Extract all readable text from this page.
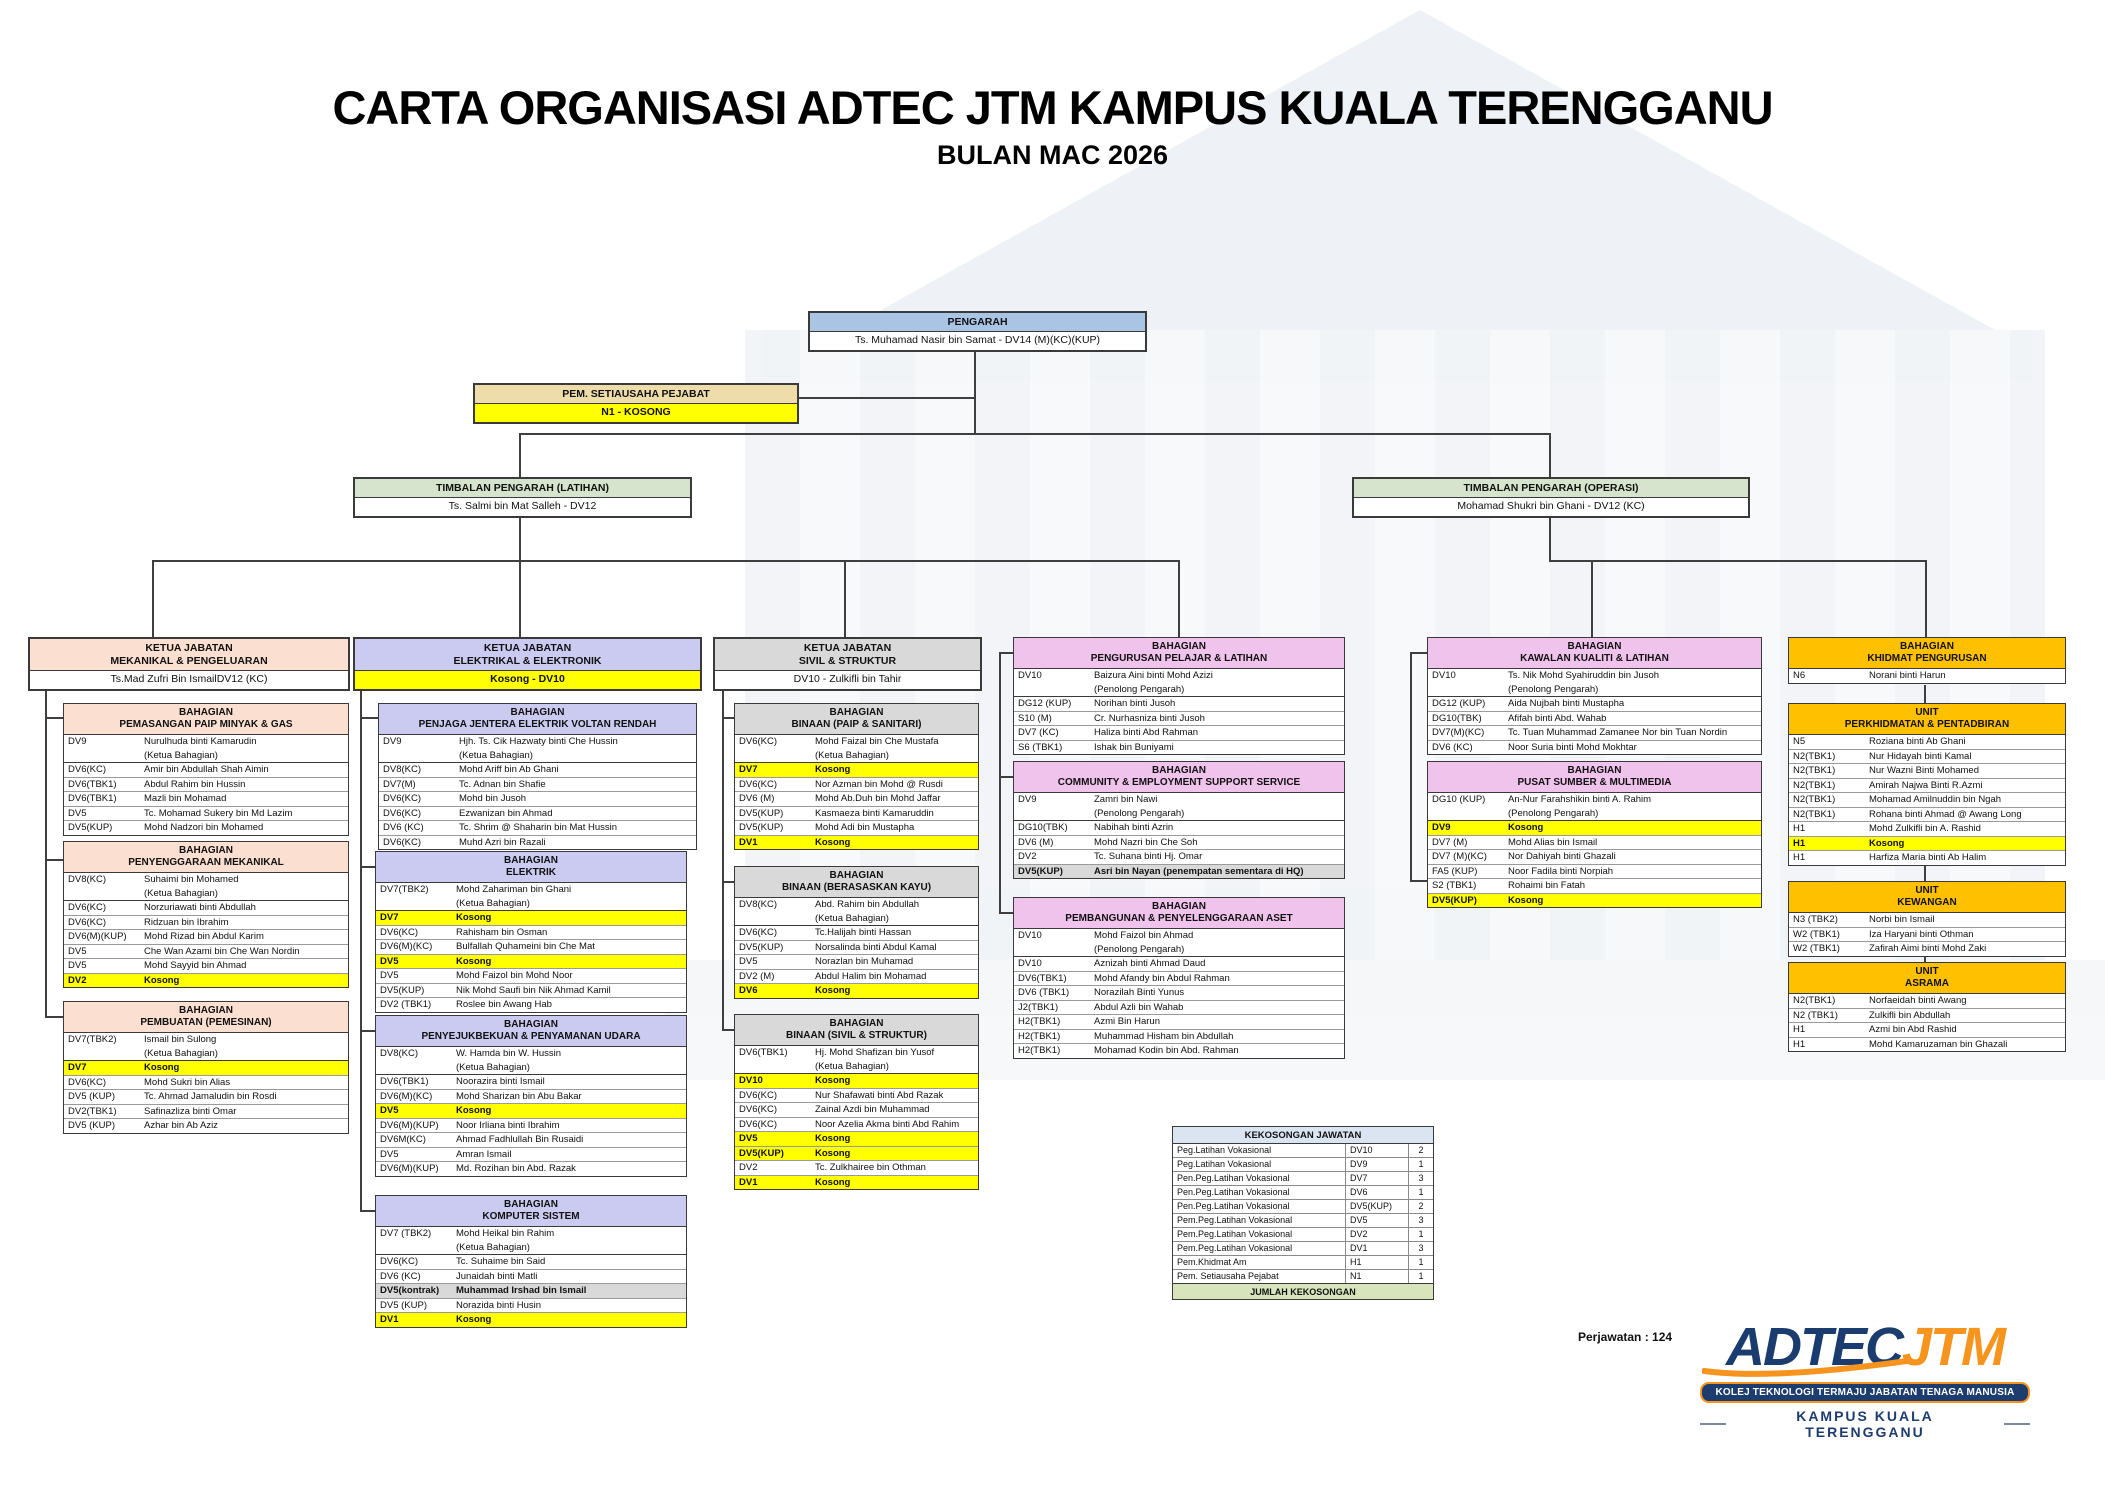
CARTA ORGANISASI ADTEC JTM KAMPUS KUALA TERENGGANU
BULAN MAC 2026
KEKOSONGAN JAWATAN
Peg.Latihan Vokasional	DV10	2
Peg.Latihan Vokasional	DV9	1
Pen.Peg.Latihan Vokasional	DV7	3
Pen.Peg.Latihan Vokasional	DV6	1
Pen.Peg.Latihan Vokasional	DV5(KUP)	2
Pem.Peg.Latihan Vokasional	DV5	3
Pem.Peg.Latihan Vokasional	DV2	1
Pem.Peg.Latihan Vokasional	DV1	3
Pem.Khidmat Am	H1	1
Pem. Setiausaha Pejabat	N1	1
JUMLAH KEKOSONGAN
Perjawatan : 124 ADTECJTM
KOLEJ TEKNOLOGI TERMAJU JABATAN TENAGA MANUSIA
KAMPUS KUALA TERENGGANU
PENGARAH
Ts. Muhamad Nasir bin Samat - DV14 (M)(KC)(KUP)
PEM. SETIAUSAHA PEJABAT
N1 - KOSONG
TIMBALAN PENGARAH (LATIHAN)
Ts. Salmi bin Mat Salleh - DV12
TIMBALAN PENGARAH (OPERASI)
Mohamad Shukri bin Ghani - DV12 (KC)
KETUA JABATAN
MEKANIKAL & PENGELUARAN
Ts.Mad Zufri Bin IsmailDV12 (KC)
BAHAGIAN
PEMASANGAN PAIP MINYAK & GAS
DV9	Nurulhuda binti Kamarudin
(Ketua Bahagian)
DV6(KC)	Amir bin Abdullah Shah Aimin
DV6(TBK1)	Abdul Rahim bin Hussin
DV6(TBK1)	Mazli bin Mohamad
DV5	Tc. Mohamad Sukery bin Md Lazim
DV5(KUP)	Mohd Nadzori bin Mohamed
BAHAGIAN
PENYENGGARAAN MEKANIKAL
DV8(KC)	Suhaimi bin Mohamed
(Ketua Bahagian)
DV6(KC)	Norzuriawati binti Abdullah
DV6(KC)	Ridzuan bin Ibrahim
DV6(M)(KUP)	Mohd Rizad bin Abdul Karim
DV5	Che Wan Azami bin Che Wan Nordin
DV5	Mohd Sayyid bin Ahmad
DV2	Kosong
BAHAGIAN
PEMBUATAN (PEMESINAN)
DV7(TBK2)	Ismail bin Sulong
(Ketua Bahagian)
DV7	Kosong
DV6(KC)	Mohd Sukri bin Alias
DV5 (KUP)	Tc. Ahmad Jamaludin bin Rosdi
DV2(TBK1)	Safinazliza binti Omar
DV5 (KUP)	Azhar bin Ab Aziz
KETUA JABATAN
ELEKTRIKAL & ELEKTRONIK
Kosong - DV10
BAHAGIAN
PENJAGA JENTERA ELEKTRIK VOLTAN RENDAH
DV9	Hjh. Ts. Cik Hazwaty binti Che Hussin
(Ketua Bahagian)
DV8(KC)	Mohd Ariff bin Ab Ghani
DV7(M)	Tc. Adnan bin Shafie
DV6(KC)	Mohd bin Jusoh
DV6(KC)	Ezwanizan bin Ahmad
DV6 (KC)	Tc. Shrim @ Shaharin bin Mat Hussin
DV6(KC)	Muhd Azri bin Razali
BAHAGIAN
ELEKTRIK
DV7(TBK2)	Mohd Zahariman bin Ghani
(Ketua Bahagian)
DV7	Kosong
DV6(KC)	Rahisham bin Osman
DV6(M)(KC)	Bulfallah Quhameini bin Che Mat
DV5	Kosong
DV5	Mohd Faizol bin Mohd Noor
DV5(KUP)	Nik Mohd Saufi bin Nik Ahmad Kamil
DV2 (TBK1)	Roslee bin Awang Hab
BAHAGIAN
PENYEJUKBEKUAN & PENYAMANAN UDARA
DV8(KC)	W. Hamda bin W. Hussin
(Ketua Bahagian)
DV6(TBK1)	Noorazira binti Ismail
DV6(M)(KC)	Mohd Sharizan bin Abu Bakar
DV5	Kosong
DV6(M)(KUP)	Noor Irliana binti Ibrahim
DV6M(KC)	Ahmad Fadhlullah Bin Rusaidi
DV5	Amran Ismail
DV6(M)(KUP)	Md. Rozihan bin Abd. Razak
BAHAGIAN
KOMPUTER SISTEM
DV7 (TBK2)	Mohd Heikal bin Rahim
(Ketua Bahagian)
DV6(KC)	Tc. Suhaime bin Said
DV6 (KC)	Junaidah binti Matli
DV5(kontrak)	Muhammad Irshad bin Ismail
DV5 (KUP)	Norazida binti Husin
DV1	Kosong
KETUA JABATAN
SIVIL & STRUKTUR
DV10 - Zulkifli bin Tahir
BAHAGIAN
BINAAN (PAIP & SANITARI)
DV6(KC)	Mohd Faizal bin Che Mustafa
(Ketua Bahagian)
DV7	Kosong
DV6(KC)	Nor Azman bin Mohd @ Rusdi
DV6 (M)	Mohd Ab.Duh bin Mohd Jaffar
DV5(KUP)	Kasmaeza binti Kamaruddin
DV5(KUP)	Mohd Adi bin Mustapha
DV1	Kosong
BAHAGIAN
BINAAN (BERASASKAN KAYU)
DV8(KC)	Abd. Rahim bin Abdullah
(Ketua Bahagian)
DV6(KC)	Tc.Halijah binti Hassan
DV5(KUP)	Norsalinda binti Abdul Kamal
DV5	Norazlan bin Muhamad
DV2 (M)	Abdul Halim bin Mohamad
DV6	Kosong
BAHAGIAN
BINAAN (SIVIL & STRUKTUR)
DV6(TBK1)	Hj. Mohd Shafizan bin Yusof
(Ketua Bahagian)
DV10	Kosong
DV6(KC)	Nur Shafawati binti Abd Razak
DV6(KC)	Zainal Azdi bin Muhammad
DV6(KC)	Noor Azelia Akma binti Abd Rahim
DV5	Kosong
DV5(KUP)	Kosong
DV2	Tc. Zulkhairee bin Othman
DV1	Kosong
BAHAGIAN
PENGURUSAN PELAJAR & LATIHAN
DV10	Baizura Aini binti Mohd Azizi
(Penolong Pengarah)
DG12 (KUP)	Norihan binti Jusoh
S10 (M)	Cr. Nurhasniza binti Jusoh
DV7 (KC)	Haliza binti Abd Rahman
S6 (TBK1)	Ishak bin Buniyami
BAHAGIAN
COMMUNITY & EMPLOYMENT SUPPORT SERVICE
DV9	Zamri bin Nawi
(Penolong Pengarah)
DG10(TBK)	Nabihah binti Azrin
DV6 (M)	Mohd Nazri bin Che Soh
DV2	Tc. Suhana binti Hj. Omar
DV5(KUP)	Asri bin Nayan (penempatan sementara di HQ)
BAHAGIAN
PEMBANGUNAN & PENYELENGGARAAN ASET
DV10	Mohd Faizol bin Ahmad
(Penolong Pengarah)
DV10	Aznizah binti Ahmad Daud
DV6(TBK1)	Mohd Afandy bin Abdul Rahman
DV6 (TBK1)	Norazilah Binti Yunus
J2(TBK1)	Abdul Azli bin Wahab
H2(TBK1)	Azmi Bin Harun
H2(TBK1)	Muhammad Hisham bin Abdullah
H2(TBK1)	Mohamad Kodin bin Abd. Rahman
BAHAGIAN
KAWALAN KUALITI & LATIHAN
DV10	Ts. Nik Mohd Syahiruddin bin Jusoh
(Penolong Pengarah)
DG12 (KUP)	Aida Nujbah binti Mustapha
DG10(TBK)	Afifah binti Abd. Wahab
DV7(M)(KC)	Tc. Tuan Muhammad Zamanee Nor bin Tuan Nordin
DV6 (KC)	Noor Suria binti Mohd Mokhtar
BAHAGIAN
PUSAT SUMBER & MULTIMEDIA
DG10 (KUP)	An-Nur Farahshikin binti A. Rahim
(Penolong Pengarah)
DV9	Kosong
DV7 (M)	Mohd Alias bin Ismail
DV7 (M)(KC)	Nor Dahiyah binti Ghazali
FA5 (KUP)	Noor Fadila binti Norpiah
S2 (TBK1)	Rohaimi bin Fatah
DV5(KUP)	Kosong
BAHAGIAN
KHIDMAT PENGURUSAN
N6	Norani binti Harun
UNIT
PERKHIDMATAN & PENTADBIRAN
N5	Roziana binti Ab Ghani
N2(TBK1)	Nur Hidayah binti Kamal
N2(TBK1)	Nur Wazni Binti Mohamed
N2(TBK1)	Amirah Najwa Binti R.Azmi
N2(TBK1)	Mohamad Amilnuddin bin Ngah
N2(TBK1)	Rohana binti Ahmad @ Awang Long
H1	Mohd Zulkifli bin A. Rashid
H1	Kosong
H1	Harfiza Maria binti Ab Halim
UNIT
KEWANGAN
N3 (TBK2)	Norbi bin Ismail
W2 (TBK1)	Iza Haryani binti Othman
W2 (TBK1)	Zafirah Aimi binti Mohd Zaki
UNIT
ASRAMA
N2(TBK1)	Norfaeidah binti Awang
N2 (TBK1)	Zulkifli bin Abdullah
H1	Azmi bin Abd Rashid
H1	Mohd Kamaruzaman bin Ghazali
